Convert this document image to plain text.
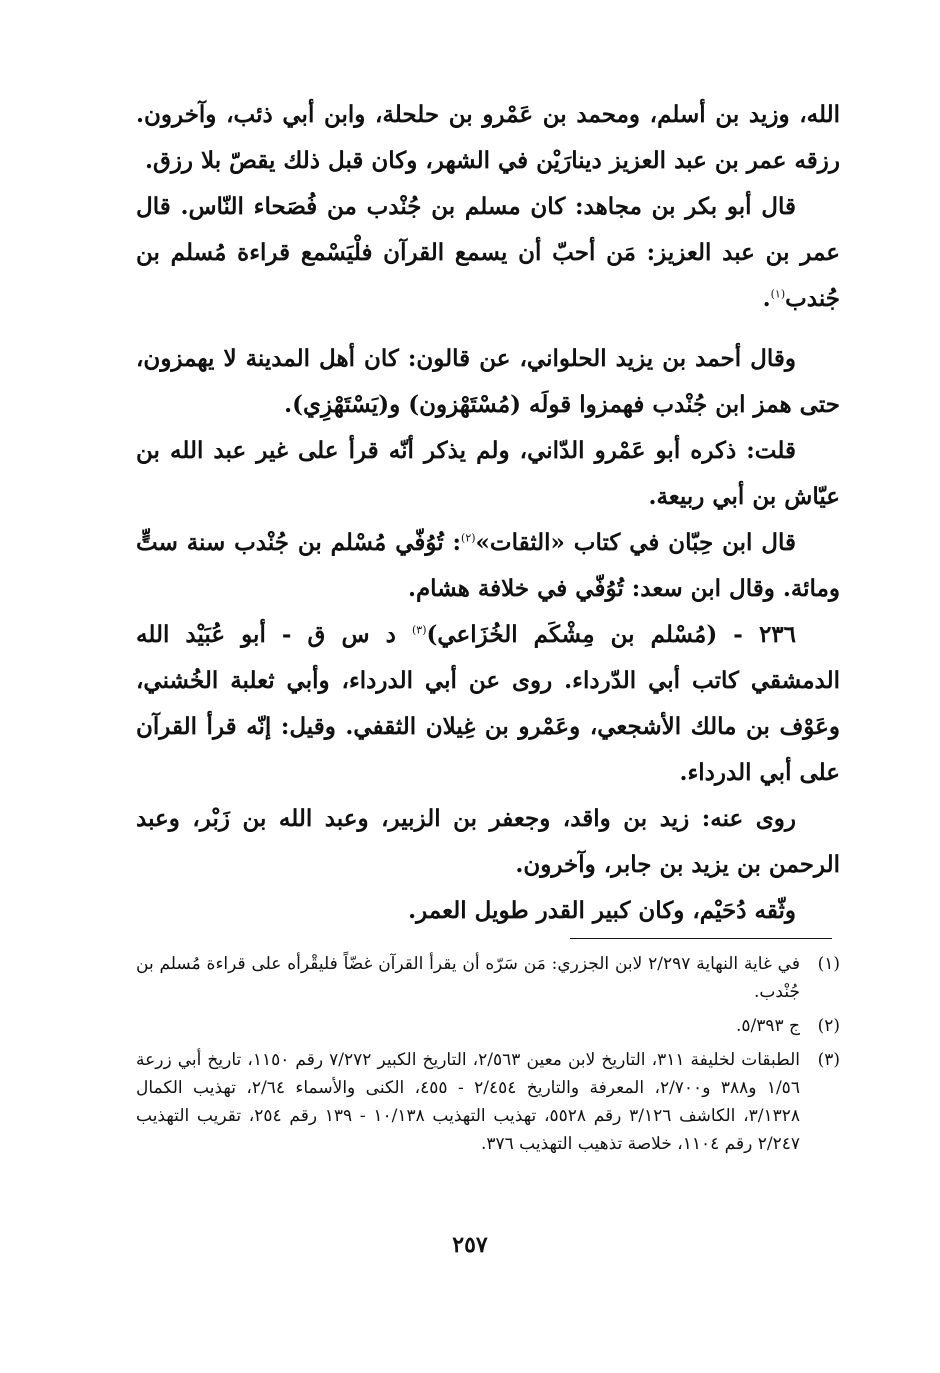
الله، وزيد بن أسلم، ومحمد بن عَمْرو بن حلحلة، وابن أبي ذئب، وآخرون. رزقه عمر بن عبد العزيز دينارَيْن في الشهر، وكان قبل ذلك يقصّ بلا رزق.

قال أبو بكر بن مجاهد: كان مسلم بن جُنْدب من فُصَحاء النّاس. قال عمر بن عبد العزيز: مَن أحبّ أن يسمع القرآن فلْيَسْمع قراءة مُسلم بن جُندب$^{(١)}$.

وقال أحمد بن يزيد الحلواني، عن قالون: كان أهل المدينة لا يهمزون، حتى همز ابن جُنْدب فهمزوا قولَه (مُسْتَهْزون) و(يَسْتَهْزِي).

قلت: ذكره أبو عَمْرو الدّاني، ولم يذكر أنّه قرأ على غير عبد الله بن عيّاش بن أبي ربيعة.

قال ابن حِبّان في كتاب «الثقات»$^{(٢)}$: تُوُفّي مُسْلم بن جُنْدب سنة ستٍّ ومائة. وقال ابن سعد: تُوُفّي في خلافة هشام.

٢٣٦ - (مُسْلم بن مِشْكَم الخُزَاعي)$^{(٣)}$ د س ق - أبو عُبَيْد الله الدمشقي كاتب أبي الدّرداء. روى عن أبي الدرداء، وأبي ثعلبة الخُشني، وعَوْف بن مالك الأشجعي، وعَمْرو بن غِيلان الثقفي. وقيل: إنّه قرأ القرآن على أبي الدرداء.

روى عنه: زيد بن واقد، وجعفر بن الزبير، وعبد الله بن زَبْر، وعبد الرحمن بن يزيد بن جابر، وآخرون.

وثّقه دُحَيْم، وكان كبير القدر طويل العمر.

(١)
في غاية النهاية ٢/٢٩٧ لابن الجزري: مَن سَرّه أن يقرأ القرآن غضّاً فليقْرأه على قراءة مُسلم بن جُنْدب.

(٢)
ج ٥/٣٩٣.

(٣)
الطبقات لخليفة ٣١١، التاريخ لابن معين ٢/٥٦٣، التاريخ الكبير ٧/٢٧٢ رقم ١١٥٠، تاريخ أبي زرعة ١/٥٦ و٣٨٨ و٢/٧٠٠، المعرفة والتاريخ ٢/٤٥٤ - ٤٥٥، الكنى والأسماء ٢/٦٤، تهذيب الكمال ٣/١٣٢٨، الكاشف ٣/١٢٦ رقم ٥٥٢٨، تهذيب التهذيب ١٠/١٣٨ - ١٣٩ رقم ٢٥٤، تقريب التهذيب ٢/٢٤٧ رقم ١١٠٤، خلاصة تذهيب التهذيب ٣٧٦.

٢٥٧
